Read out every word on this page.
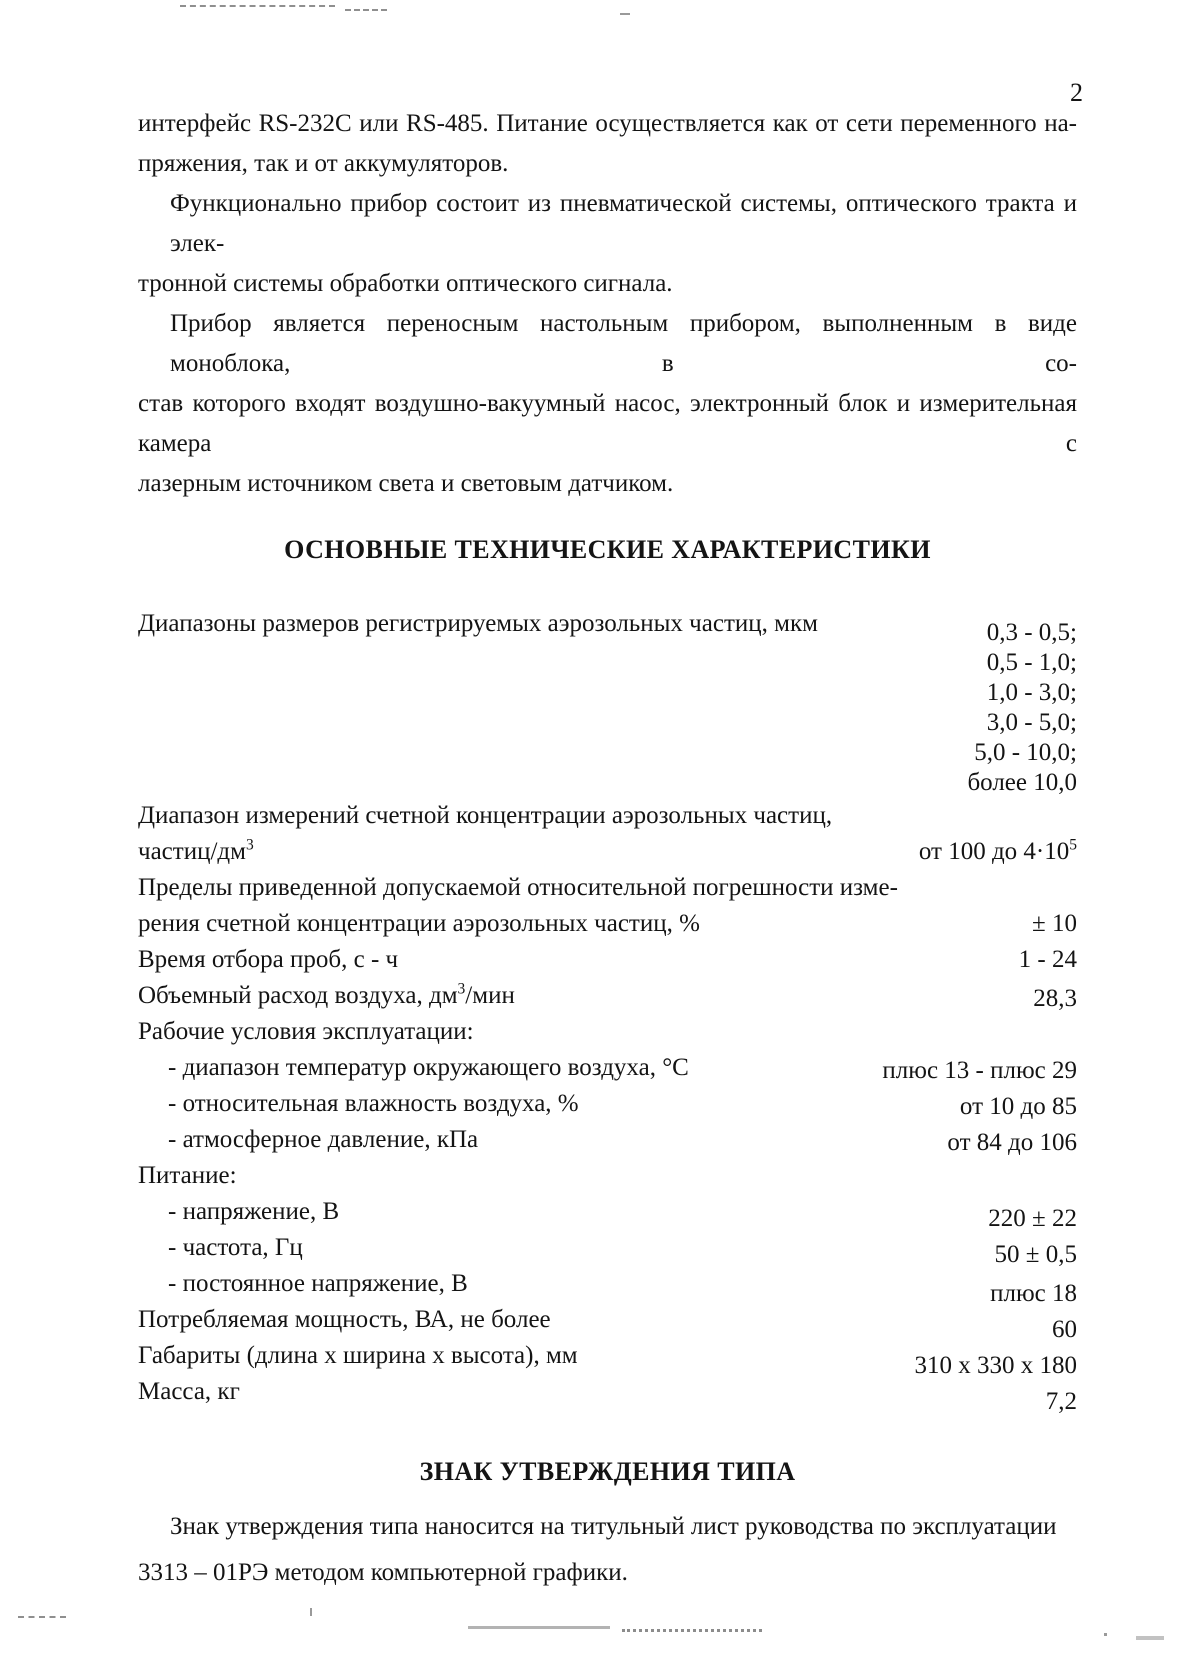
2
интерфейс RS-232C или RS-485. Питание осуществляется как от сети переменного на-
пряжения, так и от аккумуляторов.
Функционально прибор состоит из пневматической системы, оптического тракта и элек-
тронной системы обработки оптического сигнала.
Прибор является переносным настольным прибором, выполненным в виде моноблока, в со-
став которого входят воздушно-вакуумный насос, электронный блок и измерительная камера с
лазерным источником света и световым датчиком.
ОСНОВНЫЕ ТЕХНИЧЕСКИЕ ХАРАКТЕРИСТИКИ
Диапазоны размеров регистрируемых аэрозольных частиц, мкм	0,3 - 0,5;
0,5 - 1,0;
1,0 - 3,0;
3,0 - 5,0;
5,0 - 10,0;
более 10,0
Диапазон измерений счетной концентрации аэрозольных частиц,
частиц/$дм^3$	от 100 до $4\cdot 10^5$
Пределы приведенной допускаемой относительной погрешности изме-
рения счетной концентрации аэрозольных частиц, %	± 10
Время отбора проб, с - ч	1 - 24
Объемный расход воздуха, $дм^3$/мин	28,3
Рабочие условия эксплуатации:
- диапазон температур окружающего воздуха, °С	плюс 13 - плюс 29
- относительная влажность воздуха, %	от 10 до 85
- атмосферное давление, кПа	от 84 до 106
Питание:
- напряжение, В	220 ± 22
- частота, Гц	50 ± 0,5
- постоянное напряжение, В	плюс 18
Потребляемая мощность, ВА, не более	60
Габариты (длина х ширина х высота), мм	310 х 330 х 180
Масса, кг	7,2
ЗНАК УТВЕРЖДЕНИЯ ТИПА
Знак утверждения типа наносится на титульный лист руководства по эксплуатации
3313 – 01РЭ методом компьютерной графики.
